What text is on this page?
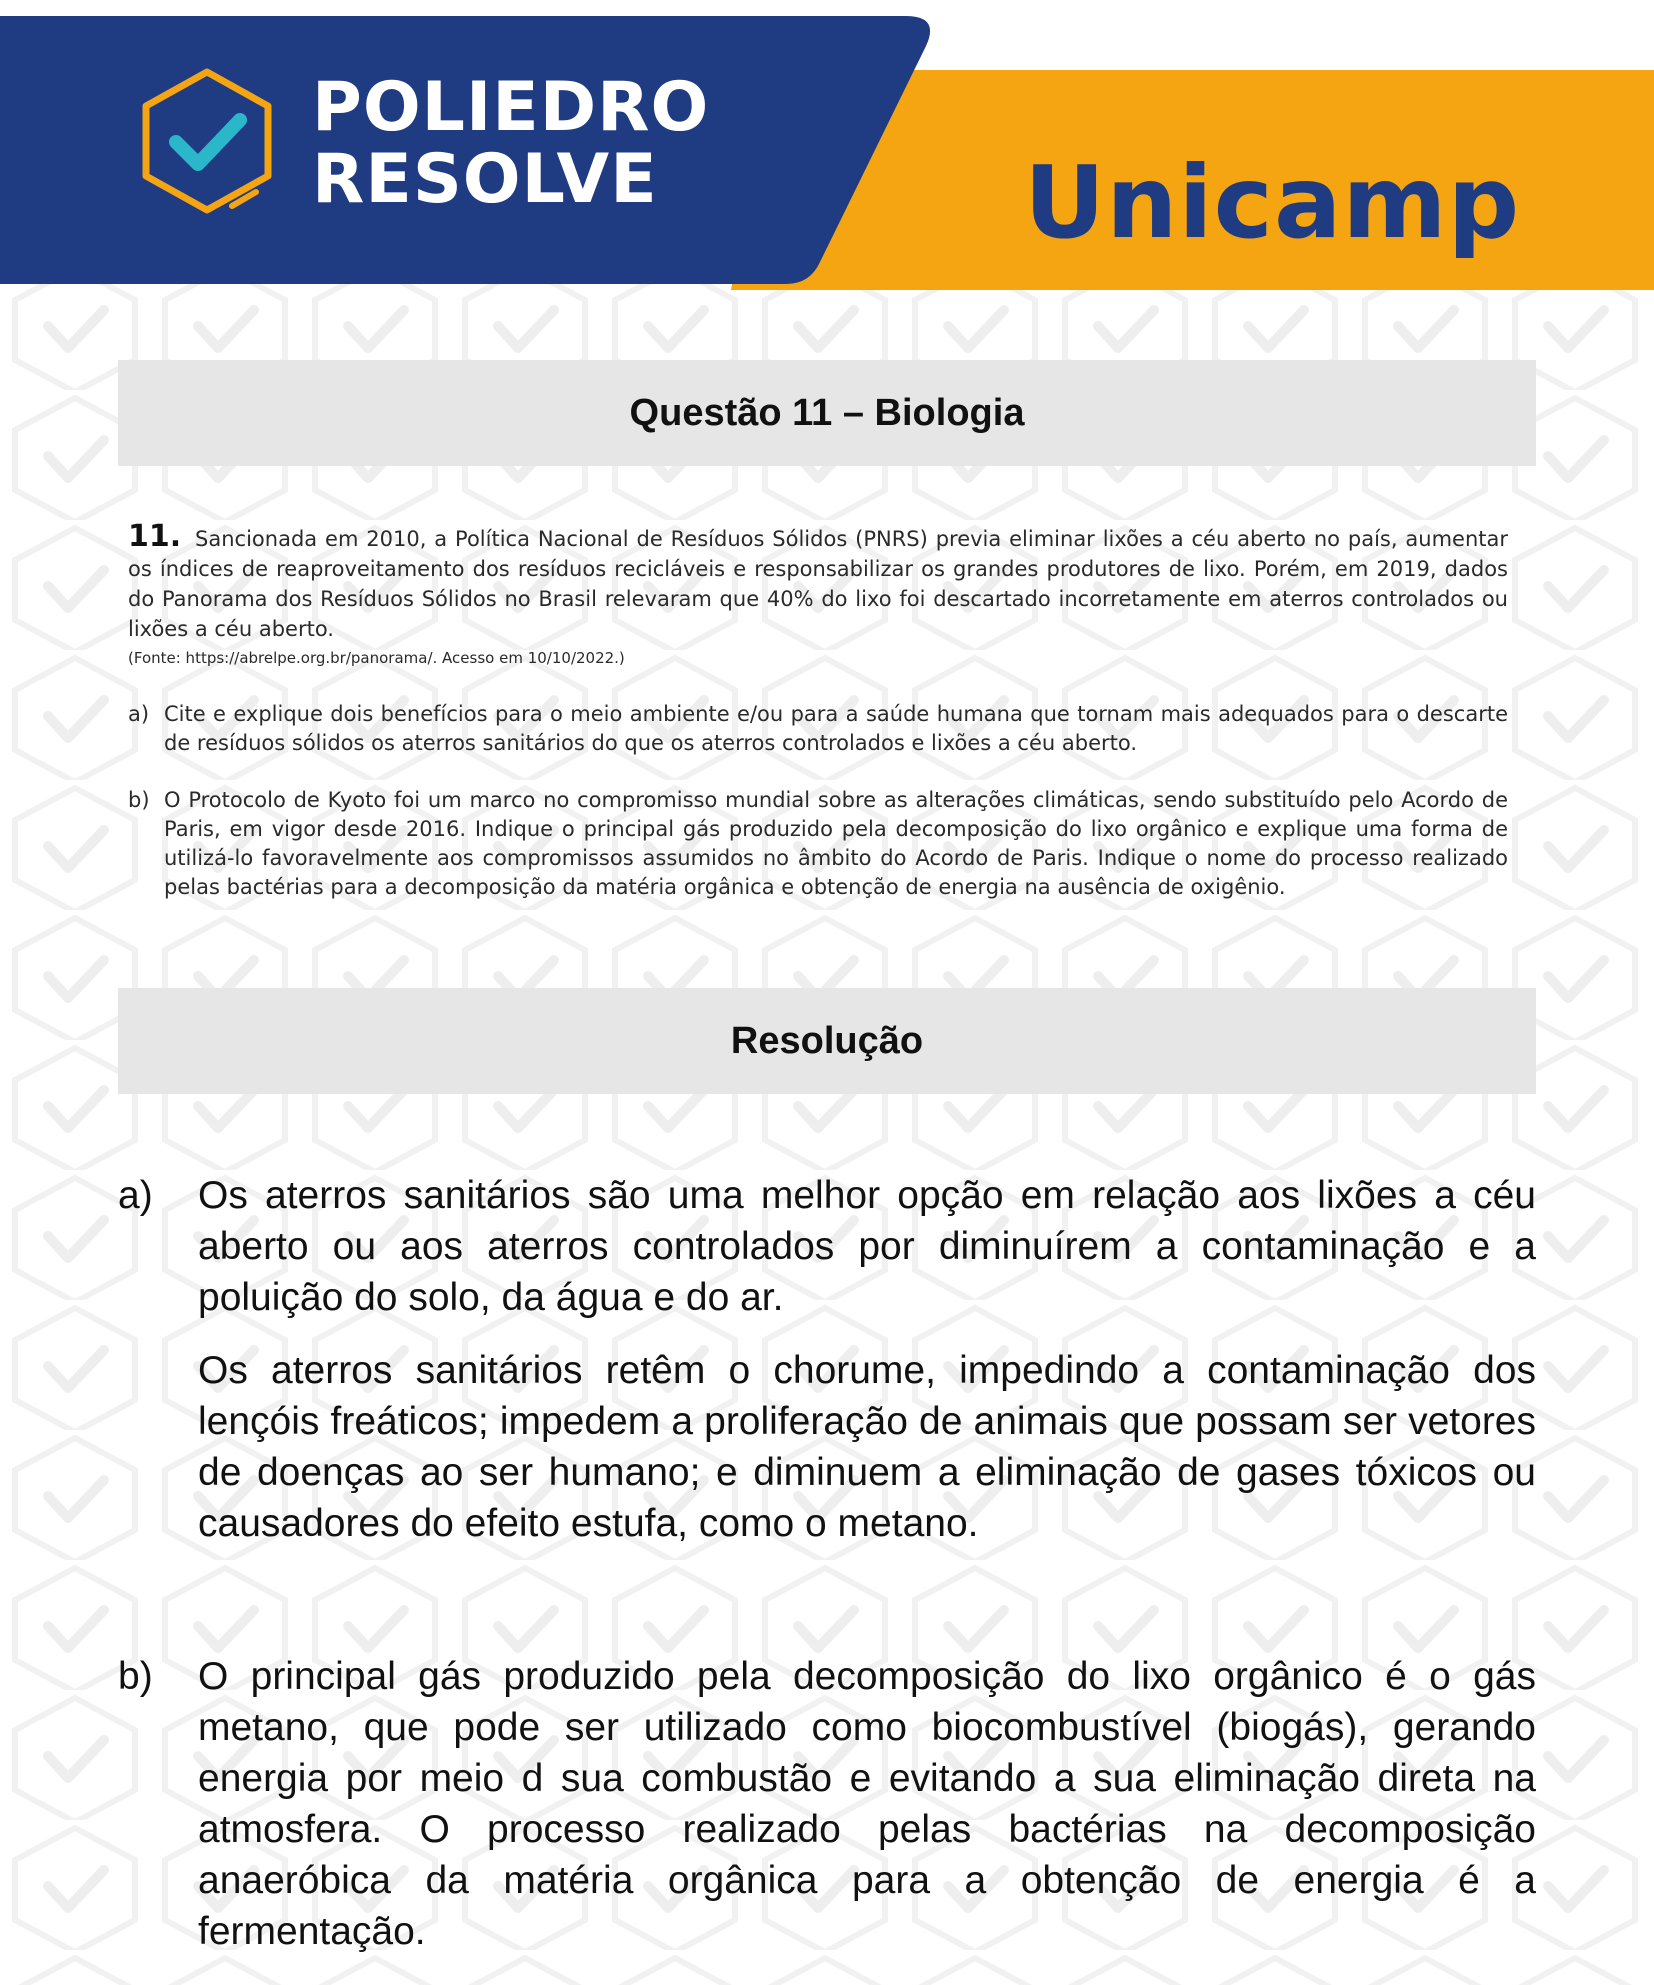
POLIEDRO
RESOLVE	Unicamp
Questão 11 – Biologia

11. Sancionada em 2010, a Política Nacional de Resíduos Sólidos (PNRS) previa eliminar lixões a céu aberto no país, aumentar os índices de reaproveitamento dos resíduos recicláveis e responsabilizar os grandes produtores de lixo. Porém, em 2019, dados do Panorama dos Resíduos Sólidos no Brasil relevaram que 40% do lixo foi descartado incorretamente em aterros controlados ou lixões a céu aberto.

(Fonte: https://abrelpe.org.br/panorama/. Acesso em 10/10/2022.)

a) Cite e explique dois benefícios para o meio ambiente e/ou para a saúde humana que tornam mais adequados para o descarte de resíduos sólidos os aterros sanitários do que os aterros controlados e lixões a céu aberto.
b) O Protocolo de Kyoto foi um marco no compromisso mundial sobre as alterações climáticas, sendo substituído pelo Acordo de Paris, em vigor desde 2016. Indique o principal gás produzido pela decomposição do lixo orgânico e explique uma forma de utilizá-lo favoravelmente aos compromissos assumidos no âmbito do Acordo de Paris. Indique o nome do processo realizado pelas bactérias para a decomposição da matéria orgânica e obtenção de energia na ausência de oxigênio.
Resolução
a)	Os aterros sanitários são uma melhor opção em relação aos lixões a céu aberto ou aos aterros controlados por diminuírem a contaminação e a poluição do solo, da água e do ar.

Os aterros sanitários retêm o chorume, impedindo a contaminação dos lençóis freáticos; impedem a proliferação de animais que possam ser vetores de doenças ao ser humano; e diminuem a eliminação de gases tóxicos ou causadores do efeito estufa, como o metano.

b)	O principal gás produzido pela decomposição do lixo orgânico é o gás metano, que pode ser utilizado como biocombustível (biogás), gerando energia por meio d sua combustão e evitando a sua eliminação direta na atmosfera. O processo realizado pelas bactérias na decomposição anaeróbica da matéria orgânica para a obtenção de energia é a fermentação.
